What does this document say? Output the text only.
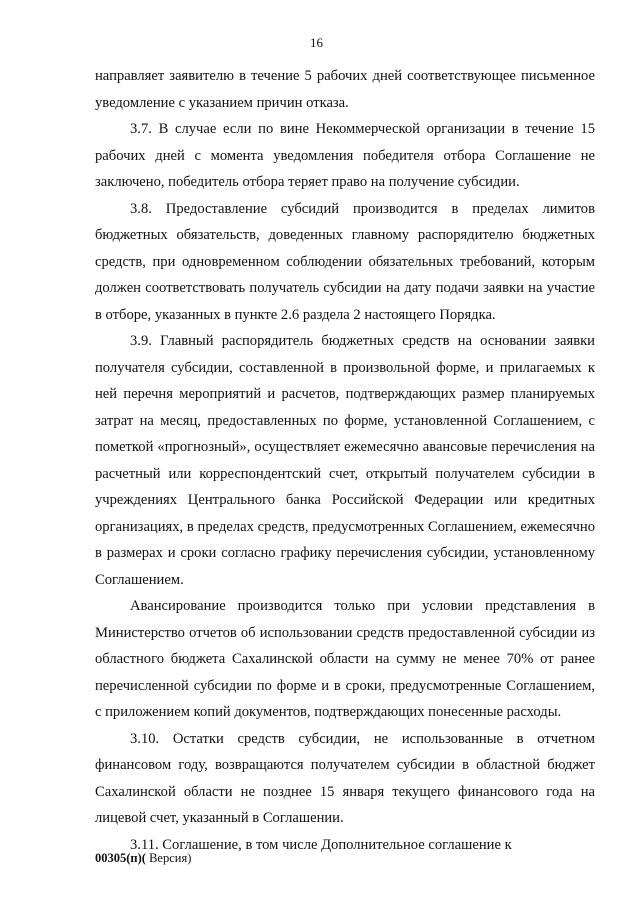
16

направляет заявителю в течение 5 рабочих дней соответствующее письменное уведомление с указанием причин отказа.

3.7. В случае если по вине Некоммерческой организации в течение 15 рабочих дней с момента уведомления победителя отбора Соглашение не заключено, победитель отбора теряет право на получение субсидии.

3.8. Предоставление субсидий производится в пределах лимитов бюджетных обязательств, доведенных главному распорядителю бюджетных средств, при одновременном соблюдении обязательных требований, которым должен соответствовать получатель субсидии на дату подачи заявки на участие в отборе, указанных в пункте 2.6 раздела 2 настоящего Порядка.

3.9. Главный распорядитель бюджетных средств на основании заявки получателя субсидии, составленной в произвольной форме, и прилагаемых к ней перечня мероприятий и расчетов, подтверждающих размер планируемых затрат на месяц, предоставленных по форме, установленной Соглашением, с пометкой «прогнозный», осуществляет ежемесячно авансовые перечисления на расчетный или корреспондентский счет, открытый получателем субсидии в учреждениях Центрального банка Российской Федерации или кредитных организациях, в пределах средств, предусмотренных Соглашением, ежемесячно в размерах и сроки согласно графику перечисления субсидии, установленному Соглашением.

Авансирование производится только при условии представления в Министерство отчетов об использовании средств предоставленной субсидии из областного бюджета Сахалинской области на сумму не менее 70% от ранее перечисленной субсидии по форме и в сроки, предусмотренные Соглашением, с приложением копий документов, подтверждающих понесенные расходы.

3.10. Остатки средств субсидии, не использованные в отчетном финансовом году, возвращаются получателем субсидии в областной бюджет Сахалинской области не позднее 15 января текущего финансового года на лицевой счет, указанный в Соглашении.

3.11. Соглашение, в том числе Дополнительное соглашение к

00305(п)( Версия)
